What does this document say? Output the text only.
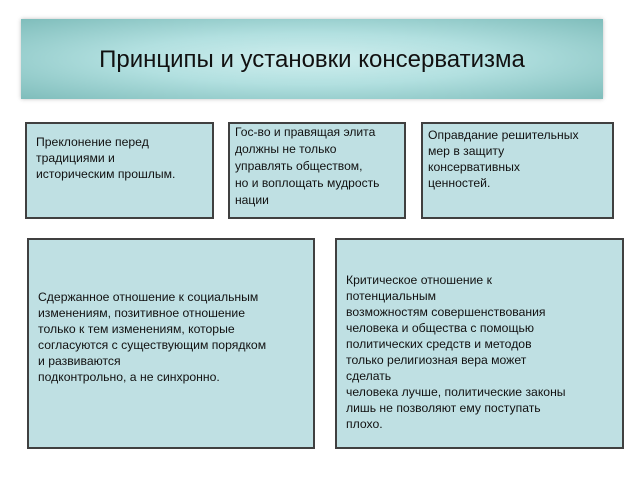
Принципы и установки консерватизма
Преклонение перед
традициями и
историческим прошлым.
Гос-во и правящая элита
должны не только
управлять обществом,
но и воплощать мудрость
нации
Оправдание решительных
мер в защиту
консервативных
ценностей.
Сдержанное отношение к социальным
изменениям, позитивное отношение
только к тем изменениям, которые
согласуются с существующим порядком
и развиваются
подконтрольно, а не синхронно.
Критическое отношение к
потенциальным
возможностям совершенствования
человека и общества с помощью
политических средств и методов
только религиозная вера может
сделать
человека лучше, политические законы
лишь не позволяют ему поступать
плохо.
